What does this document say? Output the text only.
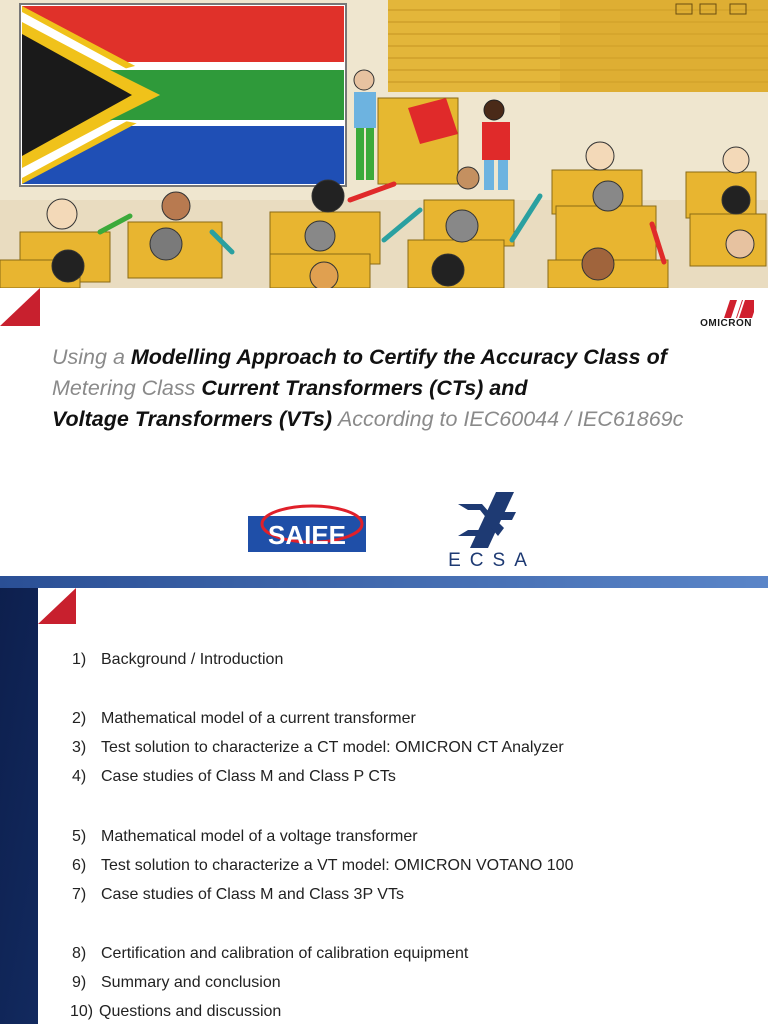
OMICRON
Using a Modelling Approach to Certify the Accuracy Class of
Metering Class Current Transformers (CTs) and
Voltage Transformers (VTs) According to IEC60044 / IEC61869c
SAIEE
ECSA
1) Background / Introduction
2) Mathematical model of a current transformer
3) Test solution to characterize a CT model: OMICRON CT Analyzer
4) Case studies of Class M and Class P CTs
5) Mathematical model of a voltage transformer
6) Test solution to characterize a VT model: OMICRON VOTANO 100
7) Case studies of Class M and Class 3P VTs
8) Certification and calibration of calibration equipment
9) Summary and conclusion
10) Questions and discussion
